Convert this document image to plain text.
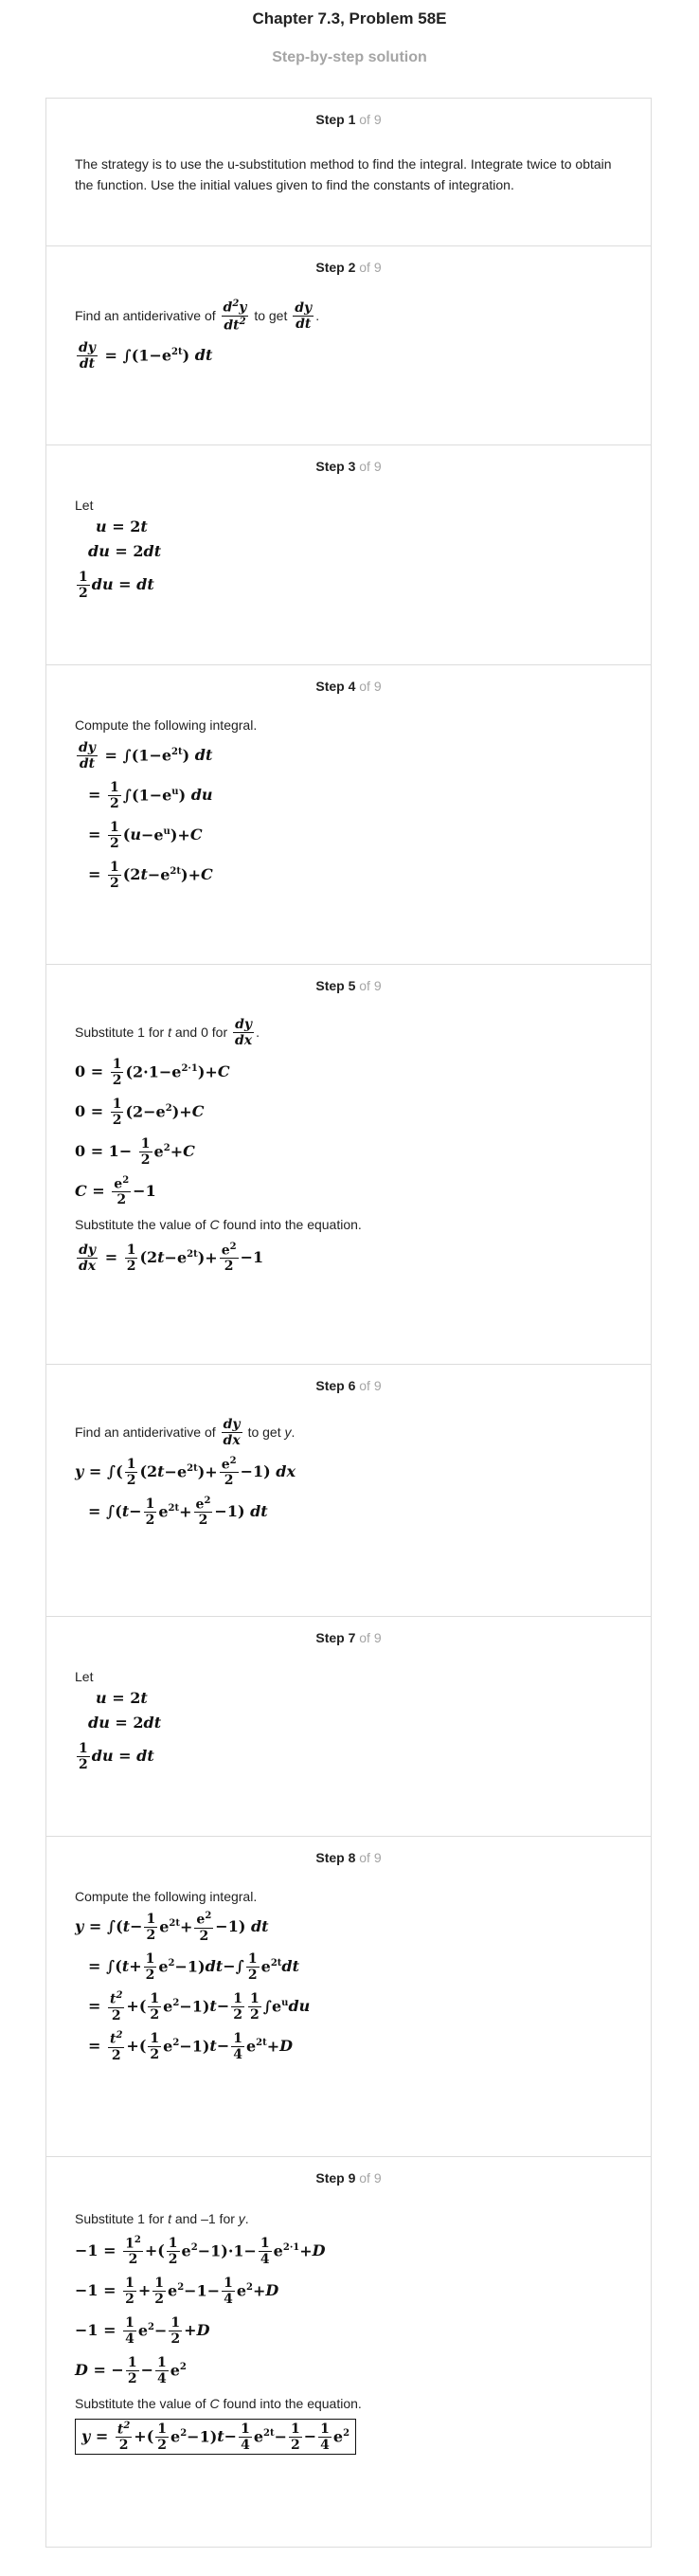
Chapter 7.3, Problem 58E
Step-by-step solution
Step 1 of 9

The strategy is to use the u-substitution method to find the integral. Integrate twice to obtain the function. Use the initial values given to find the constants of integration.

Step 2 of 9
Find an antiderivative of
$\frac{d^2y}{dt^2}$
to get
$\frac{dy}{dt}$ .
$\frac{dy}{dt} = \int(1-e^{2t})$ dt
Step 3 of 9

Let

u = 2 t
du = 2 dt
$\frac{1}{2}$ du = dt
Step 4 of 9

Compute the following integral.

$\frac{dy}{dt} = \int(1-e^{2t})$ dt
= $\frac{1}{2} \int(1-e^u)$ du
= $\frac{1}{2}$ ( $u -e^u)+ C$
= $\frac{1}{2} (2$ $t -e^{2t})+ C$
Step 5 of 9
Substitute 1 for
t
and 0 for
$\frac{dy}{dx}$ .
$0 = \frac{1}{2} (2\cdot 1-e^{2\cdot 1})+ C$
$0 = \frac{1}{2} (2-e^2)+ C$
$0 = 1- \frac{1}{2} e^2+ C$
$C = \frac{e^2}{2} -1$
Substitute the value of
C
found into the equation.
$\frac{dy}{dx} = \frac{1}{2} (2$ $t -e^{2t})+ \frac{e^2}{2} -1$
Step 6 of 9
Find an antiderivative of
$\frac{dy}{dx}$
to get
y .
y = ∫( $\frac{1}{2} (2$ $t -e^{2t})+ \frac{e^2}{2} -1$) dx
= ∫( $t - \frac{1}{2} e^{2t}+ \frac{e^2}{2} -1$) dt
Step 7 of 9

Let

u = 2 t
du = 2 dt
$\frac{1}{2}$ du = dt
Step 8 of 9

Compute the following integral.

y = ∫( $t - \frac{1}{2} e^{2t}+ \frac{e^2}{2} -1$) dt
= ∫( $t + \frac{1}{2} e^2-1$) dt −∫ $\frac{1}{2} e^{2t}$ dt
= $\frac{t^2}{2}$ +( $\frac{1}{2} e^2-1$) $t - \frac{1}{2} \frac{1}{2} \int e^u$ du
= $\frac{t^2}{2}$ +( $\frac{1}{2} e^2-1$) $t - \frac{1}{4} e^{2t}+ D$
Step 9 of 9
Substitute 1 for
t
and –1 for
y .
$-1 = \frac{1^2}{2}$ +( $\frac{1}{2} e^2-1)\cdot 1- \frac{1}{4} e^{2\cdot 1}+ D$
$-1 = \frac{1}{2} + \frac{1}{2} e^2-1- \frac{1}{4} e^2+ D$
$-1 = \frac{1}{4} e^2- \frac{1}{2} + D$
D = − $\frac{1}{2} - \frac{1}{4} e^2$
Substitute the value of
C
found into the equation.
$y = \frac{t^2}{2}$ +( $\frac{1}{2} e^2-1$) $t - \frac{1}{4} e^{2t}- \frac{1}{2} - \frac{1}{4} e^2$
